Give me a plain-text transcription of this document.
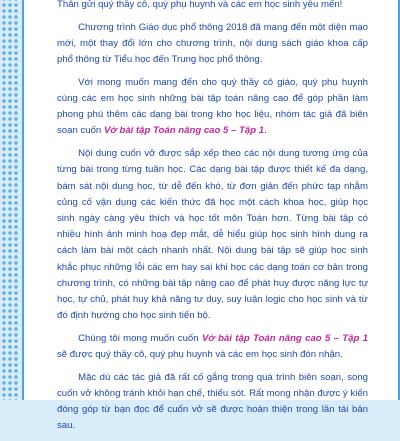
Thân gửi quý thầy cô, quý phụ huynh và các em học sinh yêu mến!

Chương trình Giáo dục phổ thông 2018 đã mang đến một diện mạo mới, một thay đổi lớn cho chương trình, nội dung sách giáo khoa cấp phổ thông từ Tiểu học đến Trung học phổ thông.

Với mong muốn mang đến cho quý thầy cô giáo, quý phụ huynh cùng các em học sinh những bài tập toán nâng cao để góp phần làm phong phú thêm các dạng bài trong kho học liệu, nhóm tác giả đã biên soạn cuốn Vở bài tập Toán nâng cao 5 – Tập 1.

Nội dung cuốn vở được sắp xếp theo các nội dung tương ứng của từng bài trong từng tuần học. Các dạng bài tập được thiết kế đa dạng, bám sát nội dung học, từ dễ đến khó, từ đơn giản đến phức tạp nhằm củng cố vận dụng các kiến thức đã học một cách khoa học, giúp học sinh ngày càng yêu thích và học tốt môn Toán hơn. Từng bài tập có nhiều hình ảnh minh hoạ đẹp mắt, dễ hiểu giúp học sinh hình dung ra cách làm bài một cách nhanh nhất. Nội dung bài tập sẽ giúp học sinh khắc phục những lỗi các em hay sai khi học các dạng toán cơ bản trong chương trình, có những bài tập nâng cao để phát huy được năng lực tự học, tự chủ, phát huy khả năng tư duy, suy luận logic cho học sinh và từ đó định hướng cho học sinh tiến bộ.

Chúng tôi mong muốn cuốn Vở bài tập Toán nâng cao 5 – Tập 1 sẽ được quý thầy cô, quý phụ huynh và các em học sinh đón nhận.

Mặc dù các tác giả đã rất cố gắng trong quá trình biên soạn, song cuốn vở không tránh khỏi hạn chế, thiếu sót. Rất mong nhận được ý kiến đóng góp từ bạn đọc để cuốn vở sẽ được hoàn thiện trong lần tái bản sau.
